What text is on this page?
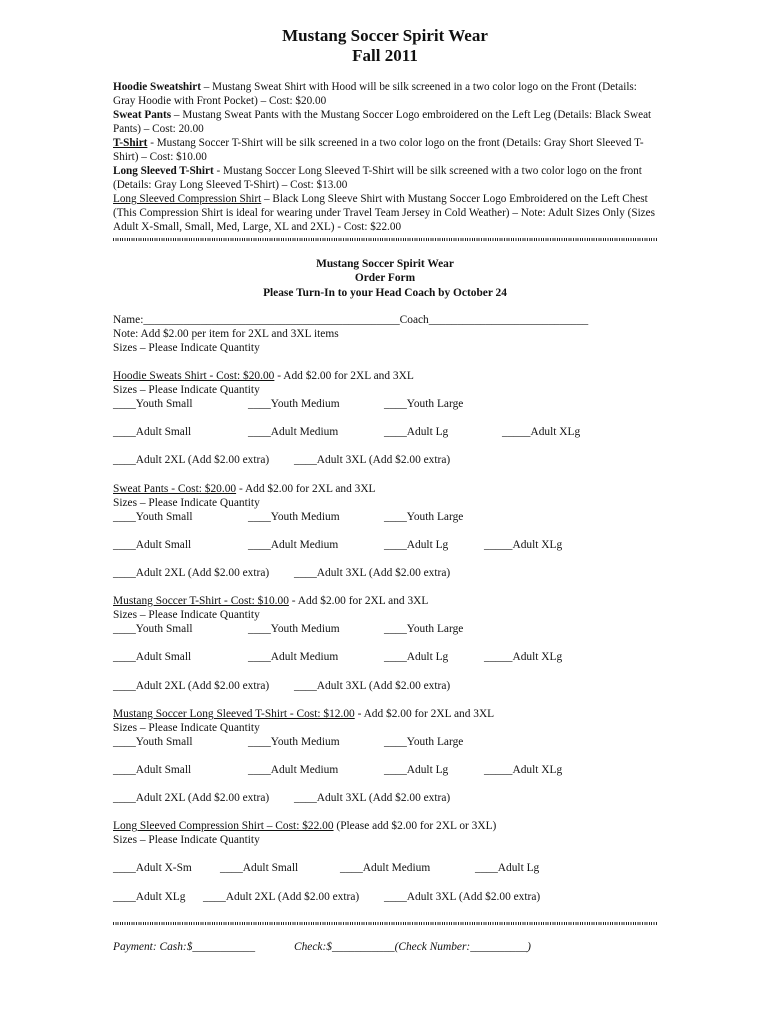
Mustang Soccer Spirit Wear
Fall 2011

Hoodie Sweatshirt – Mustang Sweat Shirt with Hood will be silk screened in a two color logo on the Front (Details: Gray Hoodie with Front Pocket) – Cost: $20.00

Sweat Pants – Mustang Sweat Pants with the Mustang Soccer Logo embroidered on the Left Leg (Details: Black Sweat Pants) – Cost: 20.00

T-Shirt - Mustang Soccer T-Shirt will be silk screened in a two color logo on the front (Details: Gray Short Sleeved T-Shirt) – Cost: $10.00

Long Sleeved T-Shirt - Mustang Soccer Long Sleeved T-Shirt will be silk screened with a two color logo on the front (Details: Gray Long Sleeved T-Shirt) – Cost: $13.00

Long Sleeved Compression Shirt – Black Long Sleeve Shirt with Mustang Soccer Logo Embroidered on the Left Chest (This Compression Shirt is ideal for wearing under Travel Team Jersey in Cold Weather) – Note: Adult Sizes Only (Sizes Adult X-Small, Small, Med, Large, XL and 2XL) - Cost: $22.00

Mustang Soccer Spirit Wear
Order Form
Please Turn-In to your Head Coach by October 24
Name:_____________________________________________Coach____________________________
Note: Add $2.00 per item for 2XL and 3XL items
Sizes – Please Indicate Quantity
Hoodie Sweats Shirt - Cost: $20.00 - Add $2.00 for 2XL and 3XL
Sizes – Please Indicate Quantity
____Youth Small	____Youth Medium	____Youth Large
____Adult Small	____Adult Medium	____Adult Lg	_____Adult XLg
____Adult 2XL (Add $2.00 extra) ____Adult 3XL (Add $2.00 extra)
Sweat Pants - Cost: $20.00 - Add $2.00 for 2XL and 3XL
Sizes – Please Indicate Quantity
____Youth Small	____Youth Medium	____Youth Large
____Adult Small	____Adult Medium	____Adult Lg	_____Adult XLg
____Adult 2XL (Add $2.00 extra) ____Adult 3XL (Add $2.00 extra)
Mustang Soccer T-Shirt - Cost: $10.00 - Add $2.00 for 2XL and 3XL
Sizes – Please Indicate Quantity
____Youth Small	____Youth Medium	____Youth Large
____Adult Small	____Adult Medium	____Adult Lg	_____Adult XLg
____Adult 2XL (Add $2.00 extra) ____Adult 3XL (Add $2.00 extra)
Mustang Soccer Long Sleeved T-Shirt - Cost: $12.00 - Add $2.00 for 2XL and 3XL
Sizes – Please Indicate Quantity
____Youth Small	____Youth Medium	____Youth Large
____Adult Small	____Adult Medium	____Adult Lg	_____Adult XLg
____Adult 2XL (Add $2.00 extra) ____Adult 3XL (Add $2.00 extra)
Long Sleeved Compression Shirt – Cost: $22.00 (Please add $2.00 for 2XL or 3XL)
Sizes – Please Indicate Quantity
____Adult X-Sm ____Adult Small	____Adult Medium	____Adult Lg
____Adult XLg ____Adult 2XL (Add $2.00 extra) ____Adult 3XL (Add $2.00 extra)
Payment: Cash:$___________	Check:$___________(Check Number:__________)
